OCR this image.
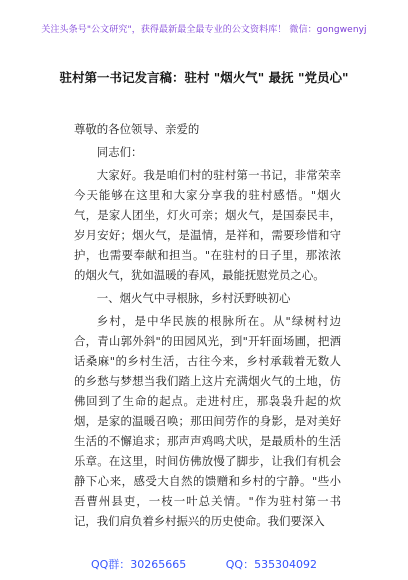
关注头条号"公文研究"，获得最新最全最专业的公文资料库！ 微信：gongwenyj
驻村第一书记发言稿：驻村 "烟火气" 最抚 "党员心"

尊敬的各位领导、亲爱的

同志们：

大家好。我是咱们村的驻村第一书记，非常荣幸今天能够在这里和大家分享我的驻村感悟。"烟火气，是家人团坐，灯火可亲；烟火气，是国泰民丰，岁月安好；烟火气，是温情，是祥和，需要珍惜和守护，也需要奉献和担当。"在驻村的日子里，那浓浓的烟火气，犹如温暖的春风，最能抚慰党员之心。

一、烟火气中寻根脉，乡村沃野映初心

乡村，是中华民族的根脉所在。从"绿树村边合，青山郭外斜"的田园风光，到"开轩面场圃，把酒话桑麻"的乡村生活，古往今来，乡村承载着无数人的乡愁与梦想当我们踏上这片充满烟火气的土地，仿佛回到了生命的起点。走进村庄，那袅袅升起的炊烟，是家的温暖召唤；那田间劳作的身影，是对美好生活的不懈追求；那声声鸡鸣犬吠，是最质朴的生活乐章。在这里，时间仿佛放慢了脚步，让我们有机会静下心来，感受大自然的馈赠和乡村的宁静。"些小吾曹州县吏，一枝一叶总关情。"作为驻村第一书记，我们肩负着乡村振兴的历史使命。我们要深入

QQ群：30265665	QQ：535304092
